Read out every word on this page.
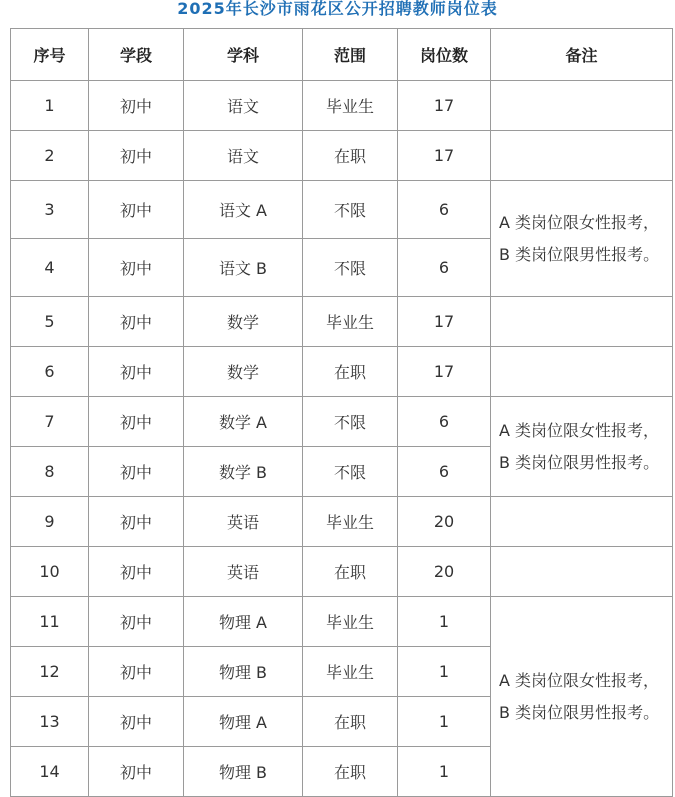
2025年长沙市雨花区公开招聘教师岗位表
序号	学段	学科	范围	岗位数	备注
1	初中	语文	毕业生	17	
2	初中	语文	在职	17	
3	初中	语文 A	不限	6	A 类岗位限女性报考，B 类岗位限男性报考。
4	初中	语文 B	不限	6	
5	初中	数学	毕业生	17	
6	初中	数学	在职	17	
7	初中	数学 A	不限	6	A 类岗位限女性报考，B 类岗位限男性报考。
8	初中	数学 B	不限	6	
9	初中	英语	毕业生	20	
10	初中	英语	在职	20	
11	初中	物理 A	毕业生	1	A 类岗位限女性报考，B 类岗位限男性报考。
12	初中	物理 B	毕业生	1	
13	初中	物理 A	在职	1	
14	初中	物理 B	在职	1	
